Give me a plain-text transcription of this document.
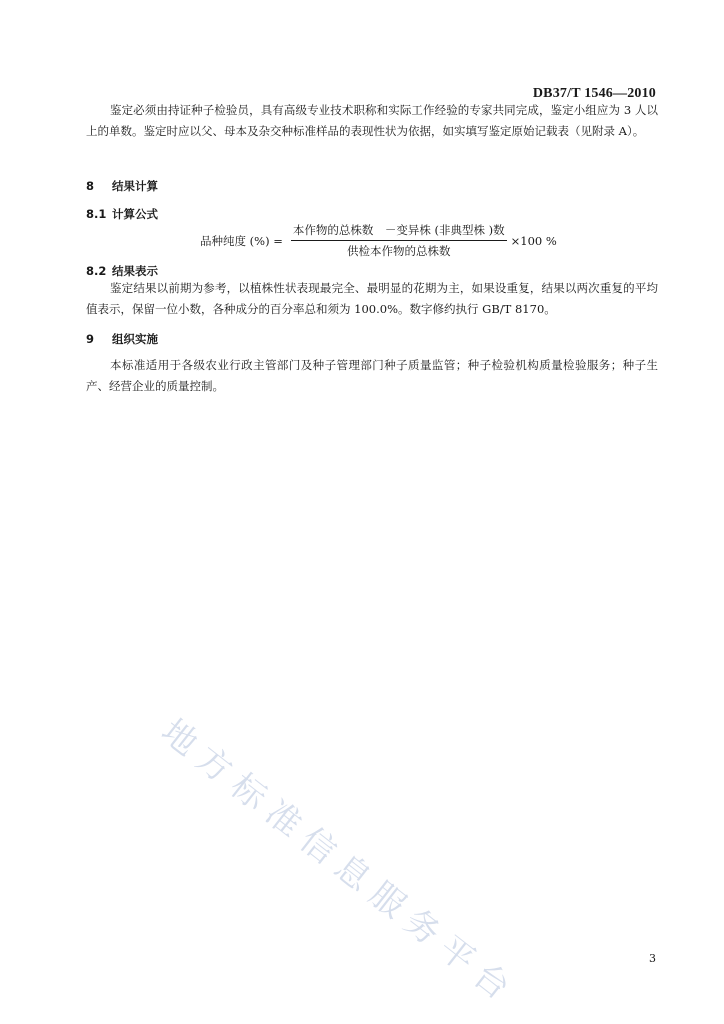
DB37/T 1546—2010

鉴定必须由持证种子检验员，具有高级专业技术职称和实际工作经验的专家共同完成，鉴定小组应为 3 人以上的单数。鉴定时应以父、母本及杂交种标准样品的表现性状为依据，如实填写鉴定原始记载表（见附录 A）。

8 结果计算
8.1 计算公式
品种纯度 (%) = $\frac{\text{本作物的总株数　－变异株 (非典型株 )数}}{\text{供检本作物的总株数}} \times 100$ %
8.2 结果表示

鉴定结果以前期为参考，以植株性状表现最完全、最明显的花期为主，如果设重复，结果以两次重复的平均值表示，保留一位小数，各种成分的百分率总和须为 100.0%。数字修约执行 GB/T 8170。

9 组织实施

本标准适用于各级农业行政主管部门及种子管理部门种子质量监管；种子检验机构质量检验服务；种子生产、经营企业的质量控制。

地方标准信息服务平台	3
